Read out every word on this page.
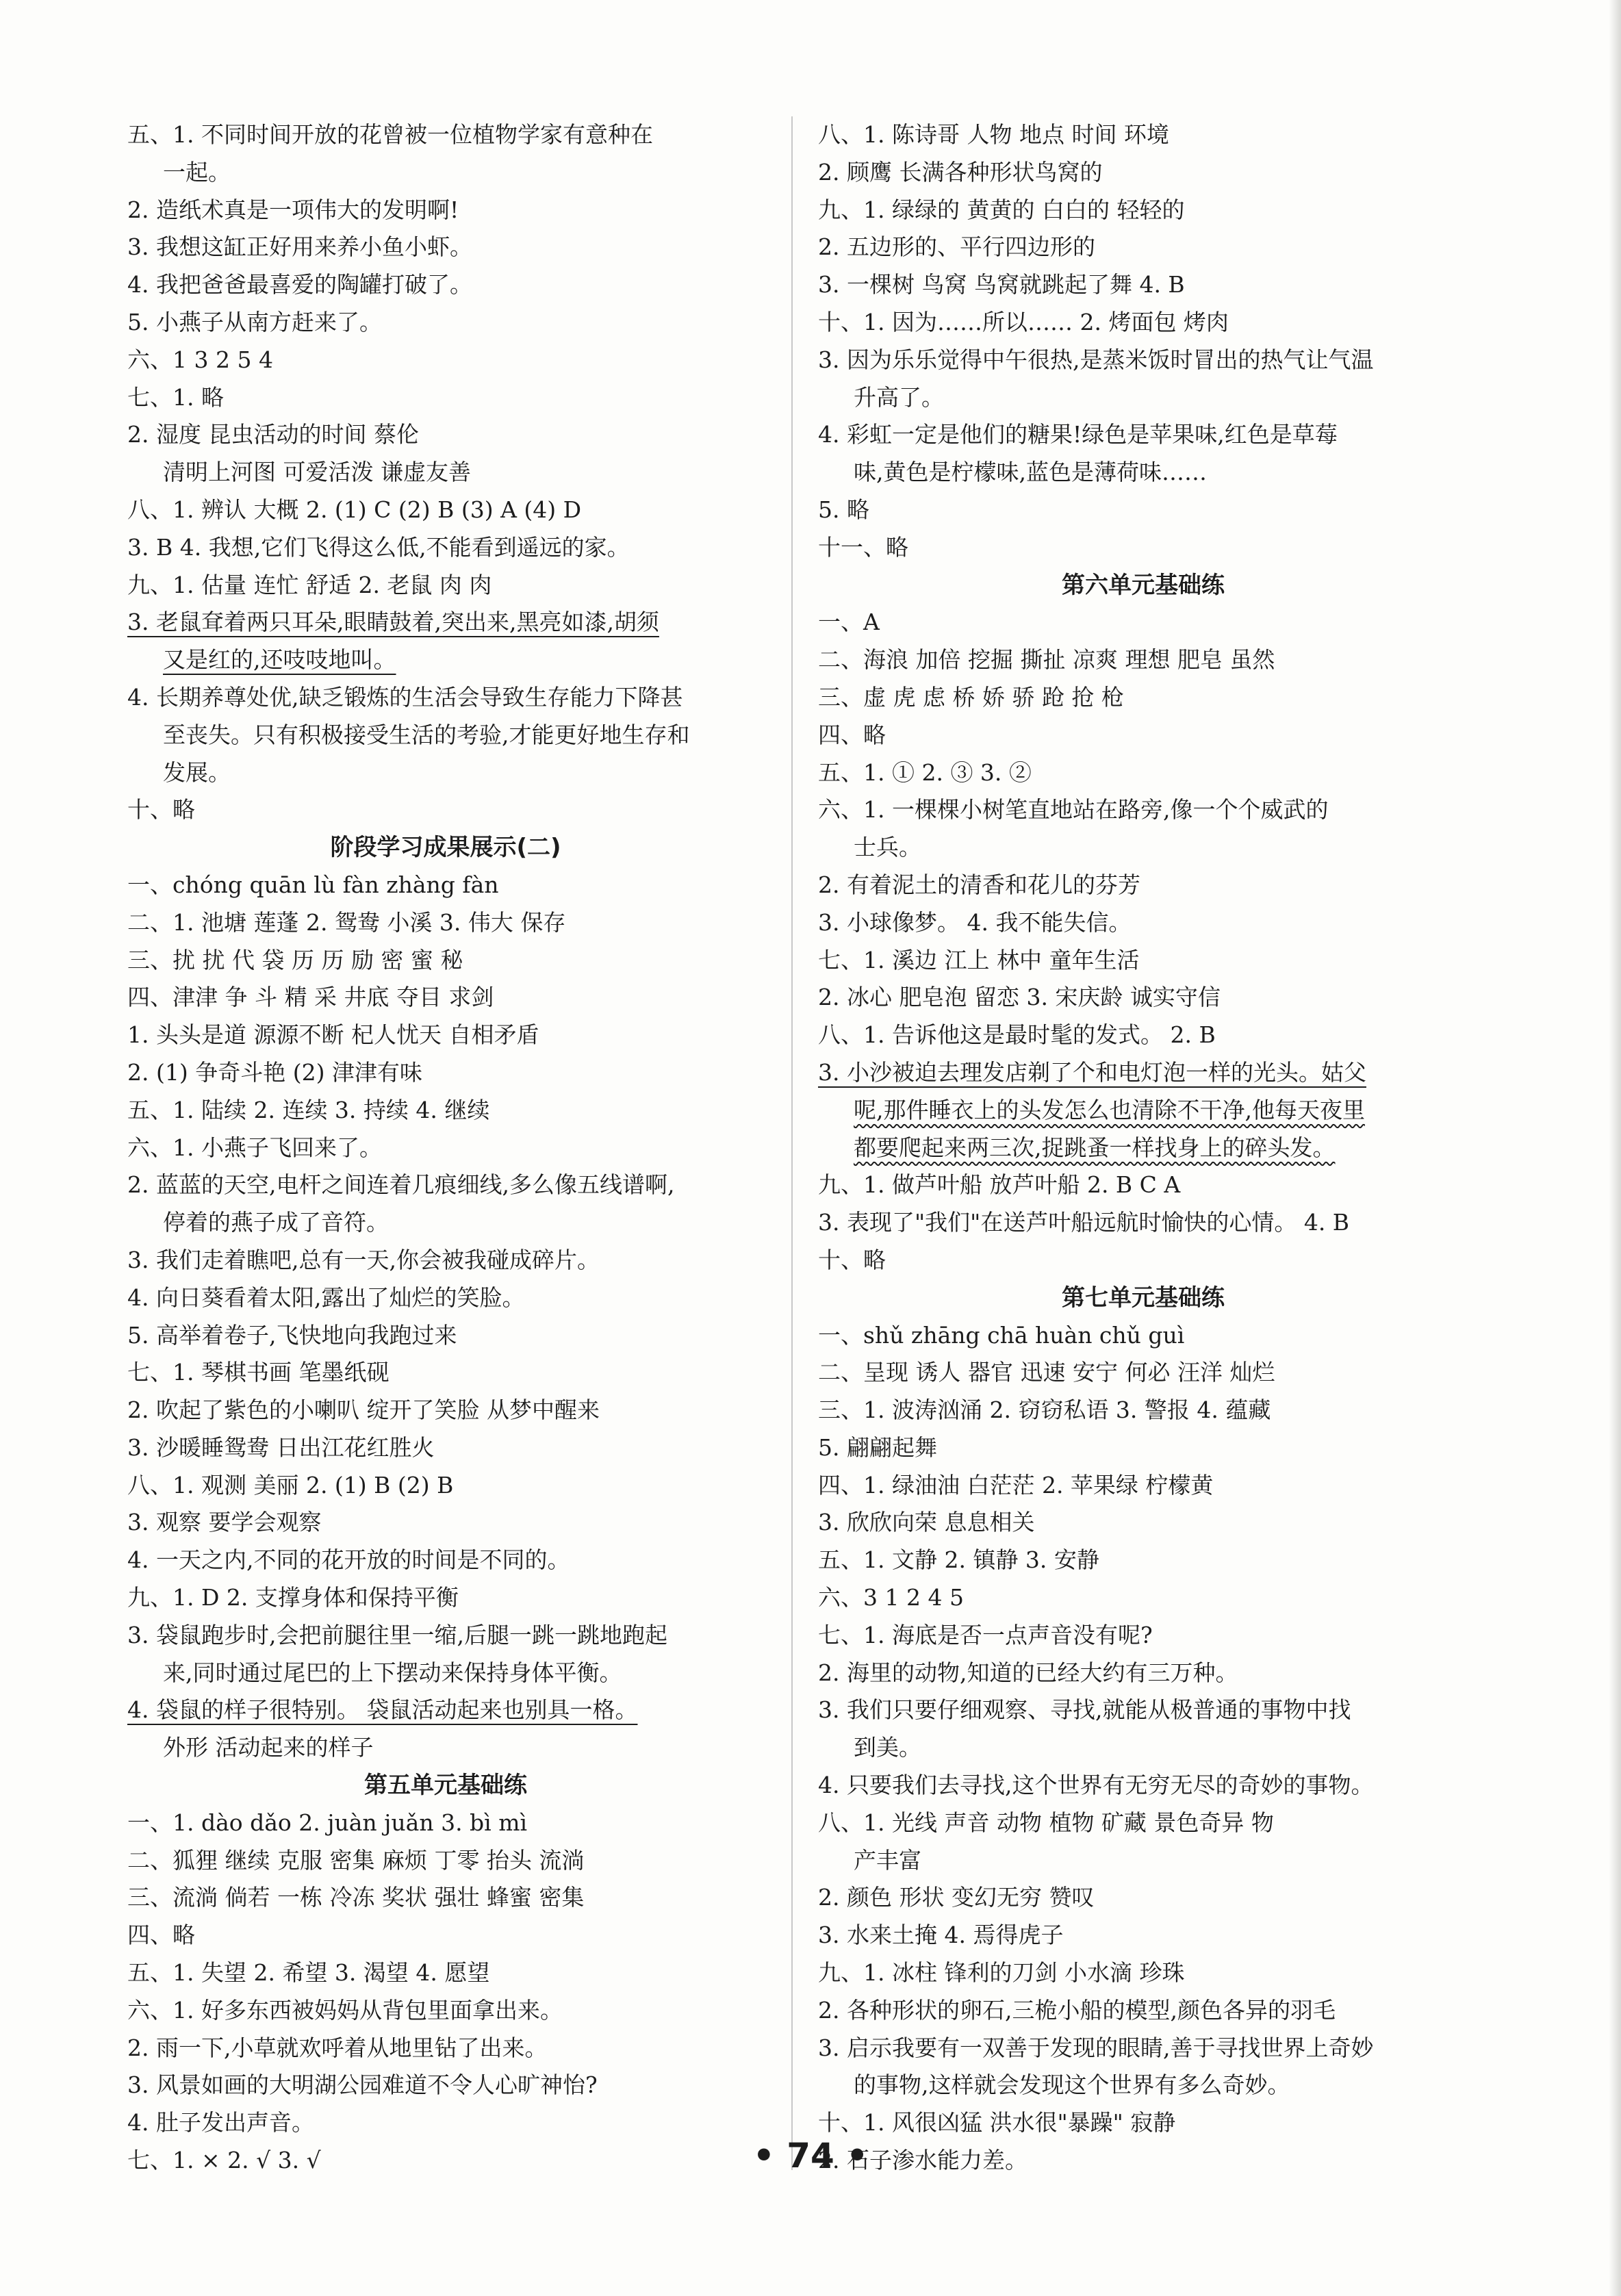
五、1. 不同时间开放的花曾被一位植物学家有意种在
一起。
2. 造纸术真是一项伟大的发明啊!
3. 我想这缸正好用来养小鱼小虾。
4. 我把爸爸最喜爱的陶罐打破了。
5. 小燕子从南方赶来了。
六、1 3 2 5 4
七、1. 略
2. 湿度 昆虫活动的时间 蔡伦
清明上河图 可爱活泼 谦虚友善
八、1. 辨认 大概 2. (1) C (2) B (3) A (4) D
3. B 4. 我想,它们飞得这么低,不能看到遥远的家。
九、1. 估量 连忙 舒适 2. 老鼠 肉 肉
3. 老鼠耷着两只耳朵,眼睛鼓着,突出来,黑亮如漆,胡须
又是红的,还吱吱地叫。
4. 长期养尊处优,缺乏锻炼的生活会导致生存能力下降甚
至丧失。只有积极接受生活的考验,才能更好地生存和
发展。
十、略
阶段学习成果展示(二)
一、chóng quān lù fàn zhàng fàn
二、1. 池塘 莲蓬 2. 鸳鸯 小溪 3. 伟大 保存
三、扰 扰 代 袋 历 历 励 密 蜜 秘
四、津津 争 斗 精 采 井底 夺目 求剑
1. 头头是道 源源不断 杞人忧天 自相矛盾
2. (1) 争奇斗艳 (2) 津津有味
五、1. 陆续 2. 连续 3. 持续 4. 继续
六、1. 小燕子飞回来了。
2. 蓝蓝的天空,电杆之间连着几痕细线,多么像五线谱啊,
停着的燕子成了音符。
3. 我们走着瞧吧,总有一天,你会被我碰成碎片。
4. 向日葵看着太阳,露出了灿烂的笑脸。
5. 高举着卷子,飞快地向我跑过来
七、1. 琴棋书画 笔墨纸砚
2. 吹起了紫色的小喇叭 绽开了笑脸 从梦中醒来
3. 沙暖睡鸳鸯 日出江花红胜火
八、1. 观测 美丽 2. (1) B (2) B
3. 观察 要学会观察
4. 一天之内,不同的花开放的时间是不同的。
九、1. D 2. 支撑身体和保持平衡
3. 袋鼠跑步时,会把前腿往里一缩,后腿一跳一跳地跑起
来,同时通过尾巴的上下摆动来保持身体平衡。
4. 袋鼠的样子很特别。 袋鼠活动起来也别具一格。
外形 活动起来的样子
第五单元基础练
一、1. dào dǎo 2. juàn juǎn 3. bì mì
二、狐狸 继续 克服 密集 麻烦 丁零 抬头 流淌
三、流淌 倘若 一栋 冷冻 奖状 强壮 蜂蜜 密集
四、略
五、1. 失望 2. 希望 3. 渴望 4. 愿望
六、1. 好多东西被妈妈从背包里面拿出来。
2. 雨一下,小草就欢呼着从地里钻了出来。
3. 风景如画的大明湖公园难道不令人心旷神怡?
4. 肚子发出声音。
七、1. × 2. √ 3. √
八、1. 陈诗哥 人物 地点 时间 环境
2. 顾鹰 长满各种形状鸟窝的
九、1. 绿绿的 黄黄的 白白的 轻轻的
2. 五边形的、平行四边形的
3. 一棵树 鸟窝 鸟窝就跳起了舞 4. B
十、1. 因为……所以…… 2. 烤面包 烤肉
3. 因为乐乐觉得中午很热,是蒸米饭时冒出的热气让气温
升高了。
4. 彩虹一定是他们的糖果!绿色是苹果味,红色是草莓
味,黄色是柠檬味,蓝色是薄荷味……
5. 略
十一、略
第六单元基础练
一、A
二、海浪 加倍 挖掘 撕扯 凉爽 理想 肥皂 虽然
三、虚 虎 虑 桥 娇 骄 跄 抢 枪
四、略
五、1. ① 2. ③ 3. ②
六、1. 一棵棵小树笔直地站在路旁,像一个个威武的
士兵。
2. 有着泥土的清香和花儿的芬芳
3. 小球像梦。 4. 我不能失信。
七、1. 溪边 江上 林中 童年生活
2. 冰心 肥皂泡 留恋 3. 宋庆龄 诚实守信
八、1. 告诉他这是最时髦的发式。 2. B
3. 小沙被迫去理发店剃了个和电灯泡一样的光头。姑父
呢,那件睡衣上的头发怎么也清除不干净,他每天夜里
都要爬起来两三次,捉跳蚤一样找身上的碎头发。
九、1. 做芦叶船 放芦叶船 2. B C A
3. 表现了"我们"在送芦叶船远航时愉快的心情。 4. B
十、略
第七单元基础练
一、shǔ zhāng chā huàn chǔ guì
二、呈现 诱人 器官 迅速 安宁 何必 汪洋 灿烂
三、1. 波涛汹涌 2. 窃窃私语 3. 警报 4. 蕴藏
5. 翩翩起舞
四、1. 绿油油 白茫茫 2. 苹果绿 柠檬黄
3. 欣欣向荣 息息相关
五、1. 文静 2. 镇静 3. 安静
六、3 1 2 4 5
七、1. 海底是否一点声音没有呢?
2. 海里的动物,知道的已经大约有三万种。
3. 我们只要仔细观察、寻找,就能从极普通的事物中找
到美。
4. 只要我们去寻找,这个世界有无穷无尽的奇妙的事物。
八、1. 光线 声音 动物 植物 矿藏 景色奇异 物
产丰富
2. 颜色 形状 变幻无穷 赞叹
3. 水来土掩 4. 焉得虎子
九、1. 冰柱 锋利的刀剑 小水滴 珍珠
2. 各种形状的卵石,三桅小船的模型,颜色各异的羽毛
3. 启示我要有一双善于发现的眼睛,善于寻找世界上奇妙
的事物,这样就会发现这个世界有多么奇妙。
十、1. 风很凶猛 洪水很"暴躁" 寂静
2. 石子渗水能力差。
• 74 •
